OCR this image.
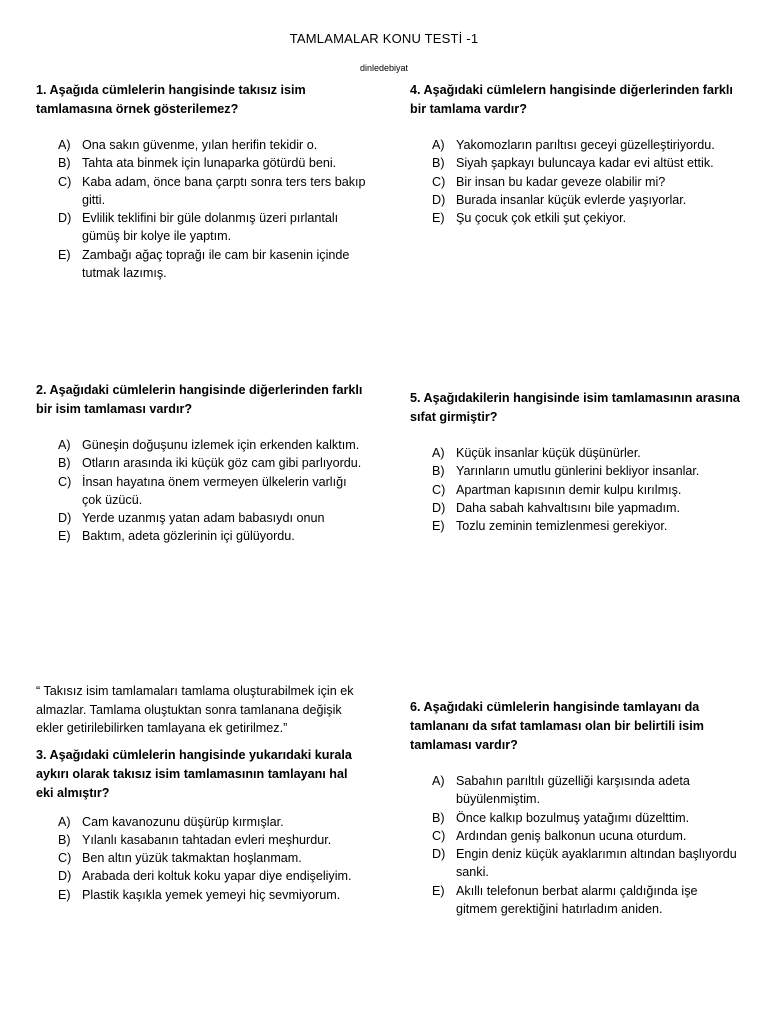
TAMLAMALAR KONU TESTİ -1
dinledebiyat

1. Aşağıda cümlelerin hangisinde takısız isim tamlamasına örnek gösterilemez?

A) Ona sakın güvenme, yılan herifin tekidir o.
B) Tahta ata binmek için lunaparka götürdü beni.
C) Kaba adam, önce bana çarptı sonra ters ters bakıp gitti.
D) Evlilik teklifini bir güle dolanmış üzeri pırlantalı gümüş bir kolye ile yaptım.
E) Zambağı ağaç toprağı ile cam bir kasenin içinde tutmak lazımış.

2. Aşağıdaki cümlelerin hangisinde diğerlerinden farklı bir isim tamlaması vardır?

A) Güneşin doğuşunu izlemek için erkenden kalktım.
B) Otların arasında iki küçük göz cam gibi parlıyordu.
C) İnsan hayatına önem vermeyen ülkelerin varlığı çok üzücü.
D) Yerde uzanmış yatan adam babasıydı onun
E) Baktım, adeta gözlerinin içi gülüyordu.

“ Takısız isim tamlamaları tamlama oluşturabilmek için ek almazlar. Tamlama oluştuktan sonra tamlanana değişik ekler getirilebilirken tamlayana ek getirilmez.”

3. Aşağıdaki cümlelerin hangisinde yukarıdaki kurala aykırı olarak takısız isim tamlamasının tamlayanı hal eki almıştır?

A) Cam kavanozunu düşürüp kırmışlar.
B) Yılanlı kasabanın tahtadan evleri meşhurdur.
C) Ben altın yüzük takmaktan hoşlanmam.
D) Arabada deri koltuk koku yapar diye endişeliyim.
E) Plastik kaşıkla yemek yemeyi hiç sevmiyorum.

4. Aşağıdaki cümlelern hangisinde diğerlerinden farklı bir tamlama vardır?

A) Yakomozların parıltısı geceyi güzelleştiriyordu.
B) Siyah şapkayı buluncaya kadar evi altüst ettik.
C) Bir insan bu kadar geveze olabilir mi?
D) Burada insanlar küçük evlerde yaşıyorlar.
E) Şu çocuk çok etkili şut çekiyor.

5. Aşağıdakilerin hangisinde isim tamlamasının arasına sıfat girmiştir?

A) Küçük insanlar küçük düşünürler.
B) Yarınların umutlu günlerini bekliyor insanlar.
C) Apartman kapısının demir kulpu kırılmış.
D) Daha sabah kahvaltısını bile yapmadım.
E) Tozlu zeminin temizlenmesi gerekiyor.

6. Aşağıdaki cümlelerin hangisinde tamlayanı da tamlananı da sıfat tamlaması olan bir belirtili isim tamlaması vardır?

A) Sabahın parıltılı güzelliği karşısında adeta büyülenmiştim.
B) Önce kalkıp bozulmuş yatağımı düzelttim.
C) Ardından geniş balkonun ucuna oturdum.
D) Engin deniz küçük ayaklarımın altından başlıyordu sanki.
E) Akıllı telefonun berbat alarmı çaldığında işe gitmem gerektiğini hatırladım aniden.
